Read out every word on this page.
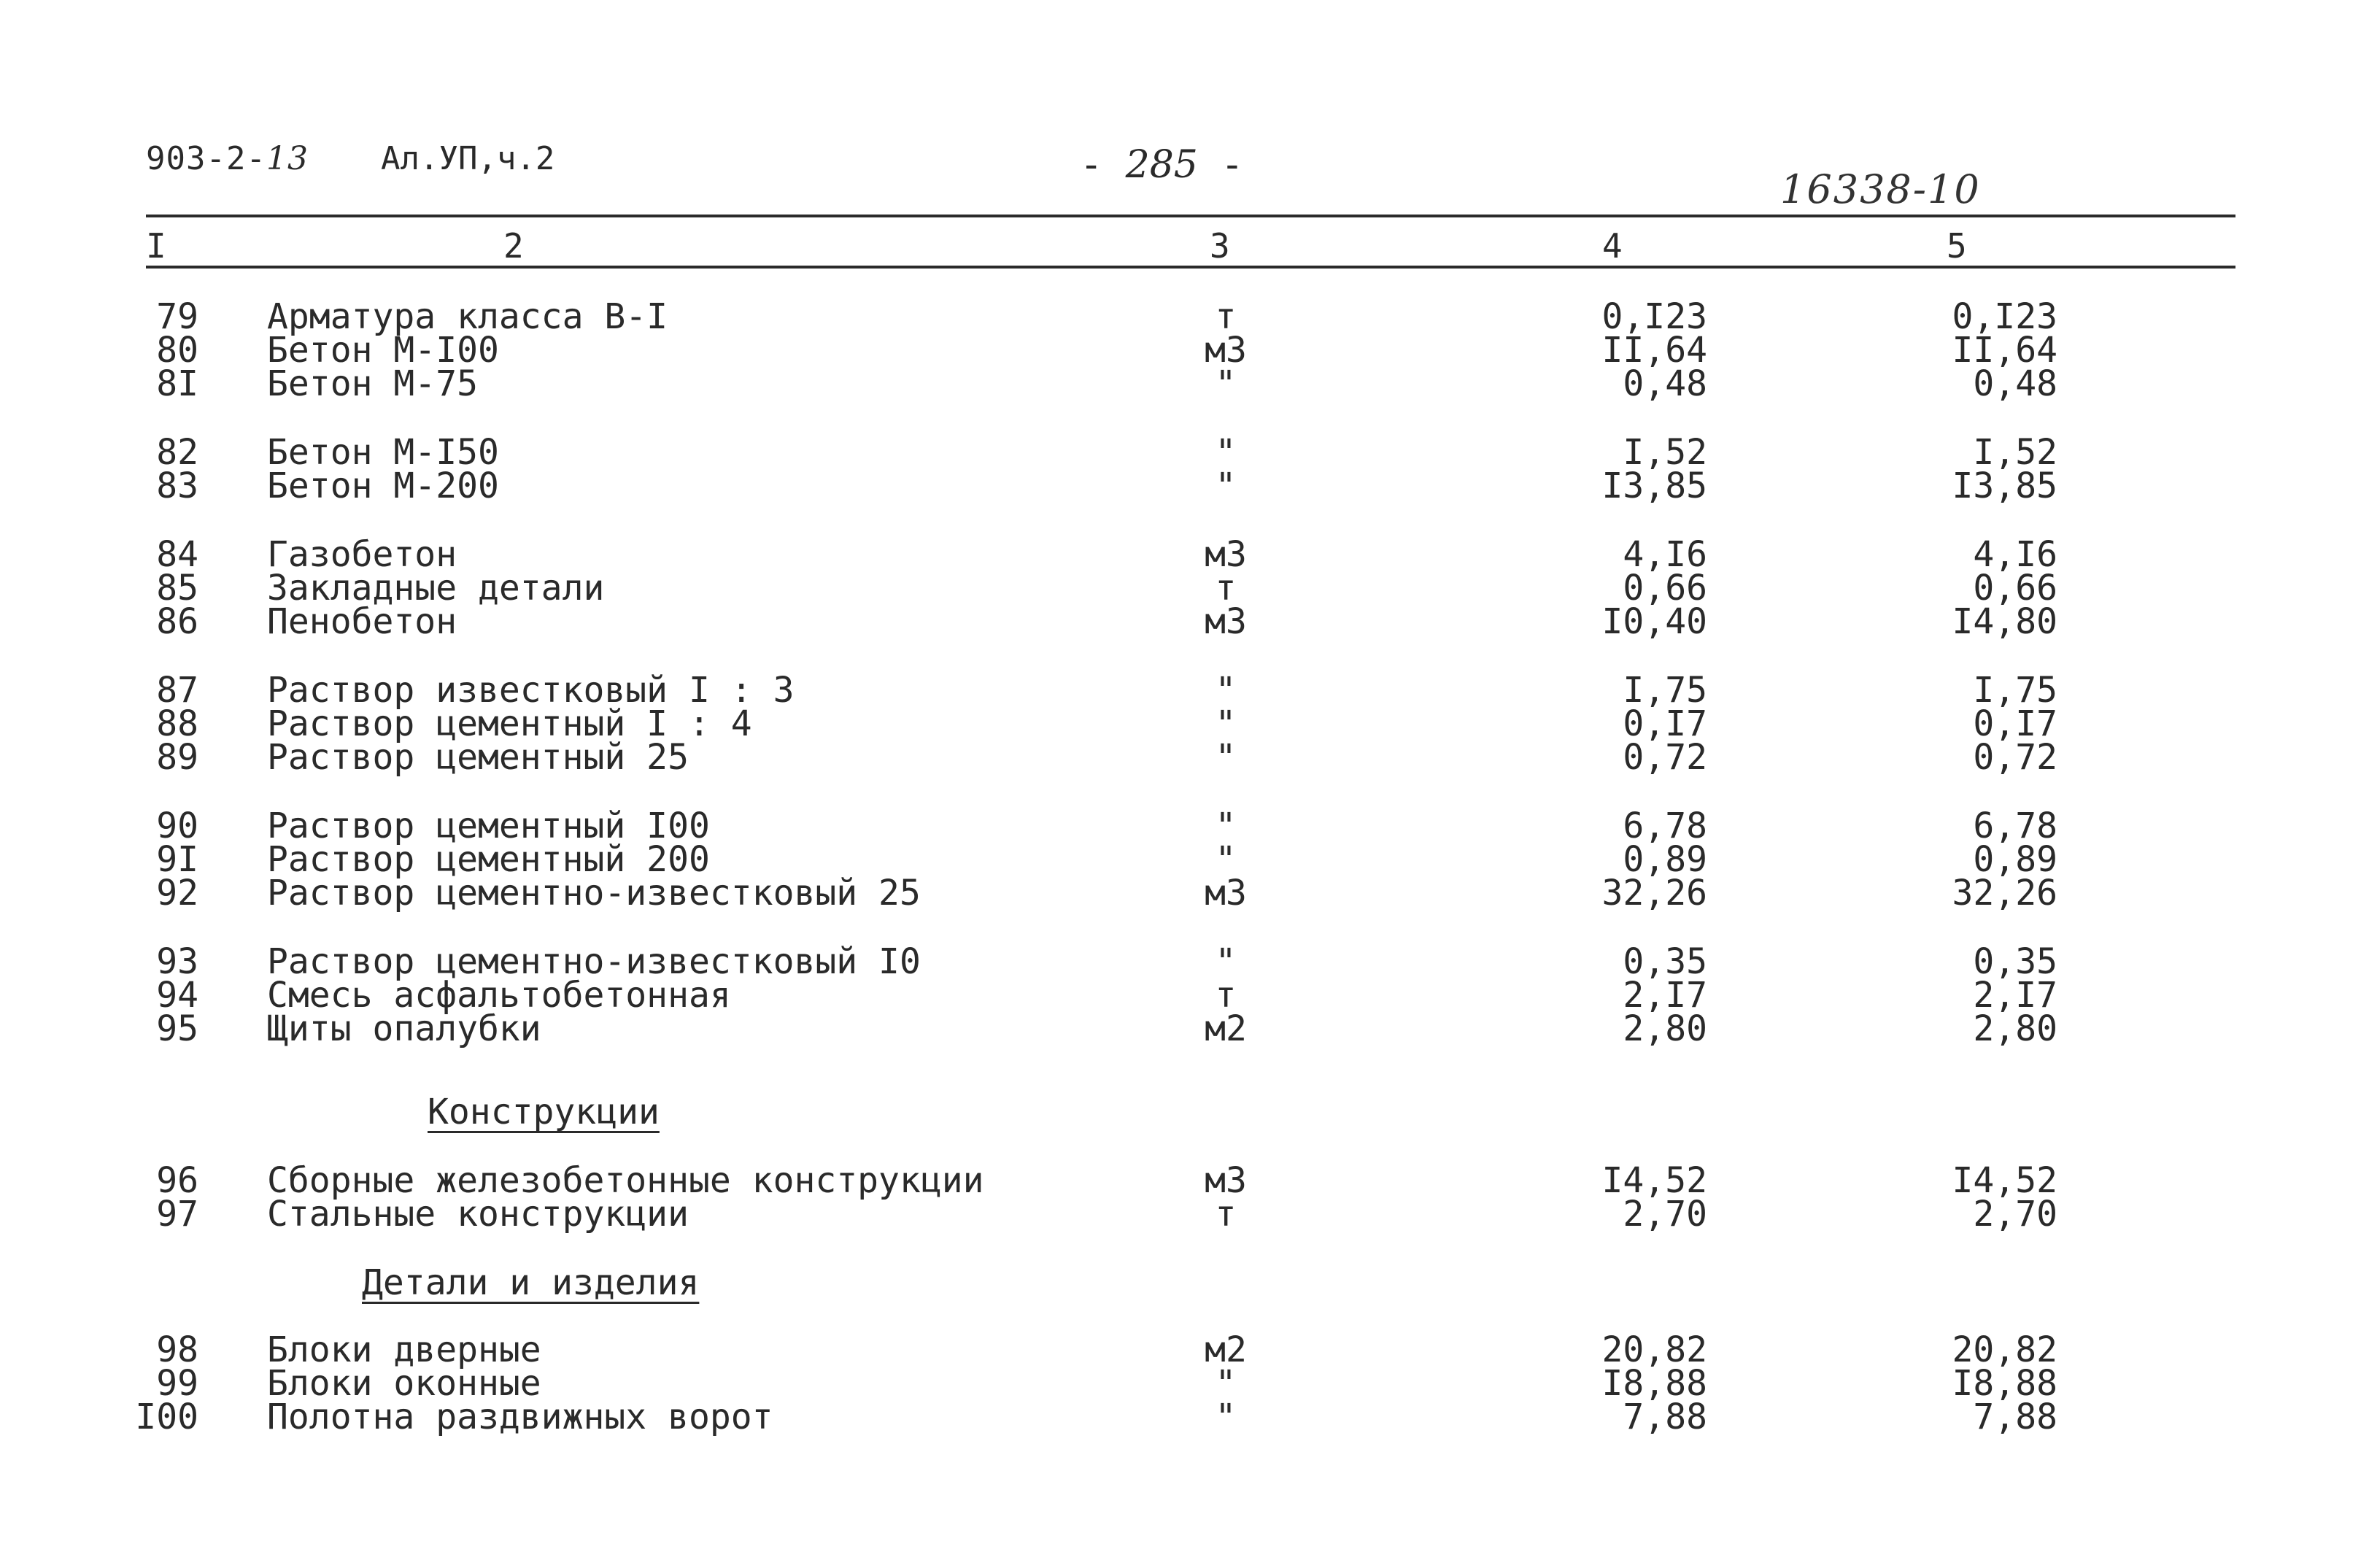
903-2-13 Ал.УП,ч.2	- 285 -
16338-10
I	2	3	4	5
79 Арматура класса В-I	т	0,I23	0,I23
80 Бетон М-I00	м3	II,64	II,64
8I Бетон М-75	"	0,48	0,48
82 Бетон М-I50	"	I,52	I,52
83 Бетон М-200	"	I3,85	I3,85
84 Газобетон	м3	4,I6	4,I6
85 Закладные детали	т	0,66	0,66
86 Пенобетон	м3	I0,40	I4,80
87 Раствор известковый I : 3	"	I,75	I,75
88 Раствор цементный I : 4	"	0,I7	0,I7
89 Раствор цементный 25	"	0,72	0,72
90 Раствор цементный I00	"	6,78	6,78
9I Раствор цементный 200	"	0,89	0,89
92 Раствор цементно-известковый 25	м3	32,26	32,26
93 Раствор цементно-известковый I0	"	0,35	0,35
94 Смесь асфальтобетонная	т	2,I7	2,I7
95 Щиты опалубки	м2	2,80	2,80
Конструкции
96 Сборные железобетонные конструкции	м3	I4,52	I4,52
97 Стальные конструкции	т	2,70	2,70
Детали и изделия
98 Блоки дверные	м2	20,82	20,82
99 Блоки оконные	"	I8,88	I8,88
I00 Полотна раздвижных ворот	"	7,88	7,88
